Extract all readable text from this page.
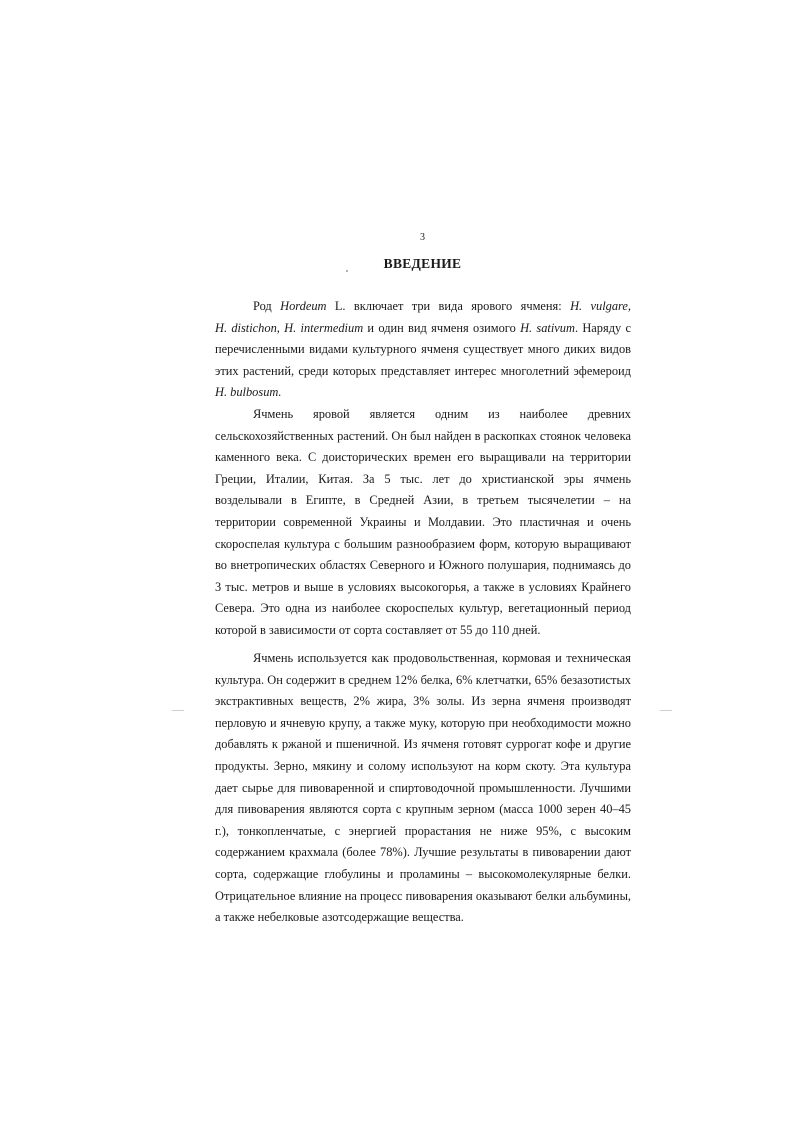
3
ВВЕДЕНИЕ
Род Hordeum L. включает три вида ярового ячменя: H. vulgare,
H. distichon, H. intermedium и один вид ячменя озимого H. sativum. Наряду с
перечисленными видами культурного ячменя существует много диких видов
этих растений, среди которых представляет интерес многолетний эфемероид
H. bulbosum.
Ячмень яровой является одним из наиболее древних
сельскохозяйственных растений. Он был найден в раскопках стоянок человека
каменного века. С доисторических времен его выращивали на территории
Греции, Италии, Китая. За 5 тыс. лет до христианской эры ячмень
возделывали в Египте, в Средней Азии, в третьем тысячелетии – на
территории современной Украины и Молдавии. Это пластичная и очень
скороспелая культура с большим разнообразием форм, которую выращивают
во внетропических областях Северного и Южного полушария, поднимаясь до
3 тыс. метров и выше в условиях высокогорья, а также в условиях Крайнего
Севера. Это одна из наиболее скороспелых культур, вегетационный период
которой в зависимости от сорта составляет от 55 до 110 дней.
Ячмень используется как продовольственная, кормовая и техническая
культура. Он содержит в среднем 12% белка, 6% клетчатки, 65% безазотистых
экстрактивных веществ, 2% жира, 3% золы. Из зерна ячменя производят
перловую и ячневую крупу, а также муку, которую при необходимости можно
добавлять к ржаной и пшеничной. Из ячменя готовят суррогат кофе и другие
продукты. Зерно, мякину и солому используют на корм скоту. Эта культура
дает сырье для пивоваренной и спиртоводочной промышленности. Лучшими
для пивоварения являются сорта с крупным зерном (масса 1000 зерен 40–45
г.), тонкопленчатые, с энергией прорастания не ниже 95%, с высоким
содержанием крахмала (более 78%). Лучшие результаты в пивоварении дают
сорта, содержащие глобулины и проламины – высокомолекулярные белки.
Отрицательное влияние на процесс пивоварения оказывают белки альбумины,
а также небелковые азотсодержащие вещества.
